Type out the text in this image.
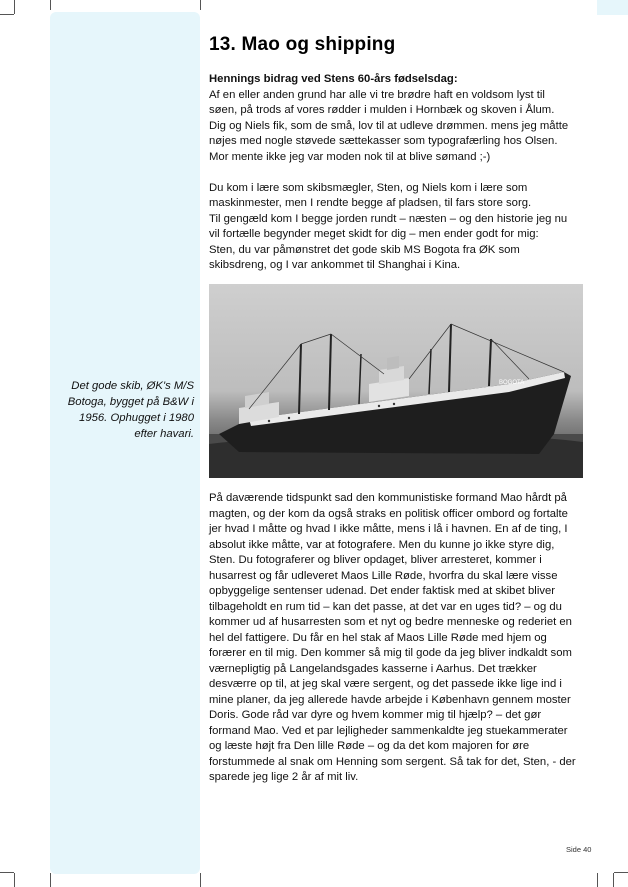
Det gode skib, ØK's M/S
Botoga, bygget på B&W i
1956. Ophugget i 1980
efter havari.
13. Mao og shipping

Hennings bidrag ved Stens 60-års fødselsdag:
Af en eller anden grund har alle vi tre brødre haft en voldsom lyst til
søen, på trods af vores rødder i mulden i Hornbæk og skoven i Ålum.
Dig og Niels fik, som de små, lov til at udleve drømmen. mens jeg måtte
nøjes med nogle støvede sættekasser som typografærling hos Olsen.
Mor mente ikke jeg var moden nok til at blive sømand ;-)

Du kom i lære som skibsmægler, Sten, og Niels kom i lære som
maskinmester, men I rendte begge af pladsen, til fars store sorg.
Til gengæld kom I begge jorden rundt – næsten – og den historie jeg nu
vil fortælle begynder meget skidt for dig – men ender godt for mig:
Sten, du var påmønstret det gode skib MS Bogota fra ØK som
skibsdreng, og I var ankommet til Shanghai i Kina.

BOGOTA

På daværende tidspunkt sad den kommunistiske formand Mao hårdt på
magten, og der kom da også straks en politisk officer ombord og fortalte
jer hvad I måtte og hvad I ikke måtte, mens i lå i havnen. En af de ting, I
absolut ikke måtte, var at fotografere. Men du kunne jo ikke styre dig,
Sten. Du fotograferer og bliver opdaget, bliver arresteret, kommer i
husarrest og får udleveret Maos Lille Røde, hvorfra du skal lære visse
opbyggelige sentenser udenad. Det ender faktisk med at skibet bliver
tilbageholdt en rum tid – kan det passe, at det var en uges tid? – og du
kommer ud af husarresten som et nyt og bedre menneske og rederiet en
hel del fattigere. Du får en hel stak af Maos Lille Røde med hjem og
forærer en til mig. Den kommer så mig til gode da jeg bliver indkaldt som
værnepligtig på Langelandsgades kasserne i Aarhus. Det trækker
desværre op til, at jeg skal være sergent, og det passede ikke lige ind i
mine planer, da jeg allerede havde arbejde i København gennem moster
Doris. Gode råd var dyre og hvem kommer mig til hjælp? – det gør
formand Mao. Ved et par lejligheder sammenkaldte jeg stuekammerater
og læste højt fra Den lille Røde – og da det kom majoren for øre
forstummede al snak om Henning som sergent. Så tak for det, Sten, - der
sparede jeg lige 2 år af mit liv.

Side 40
